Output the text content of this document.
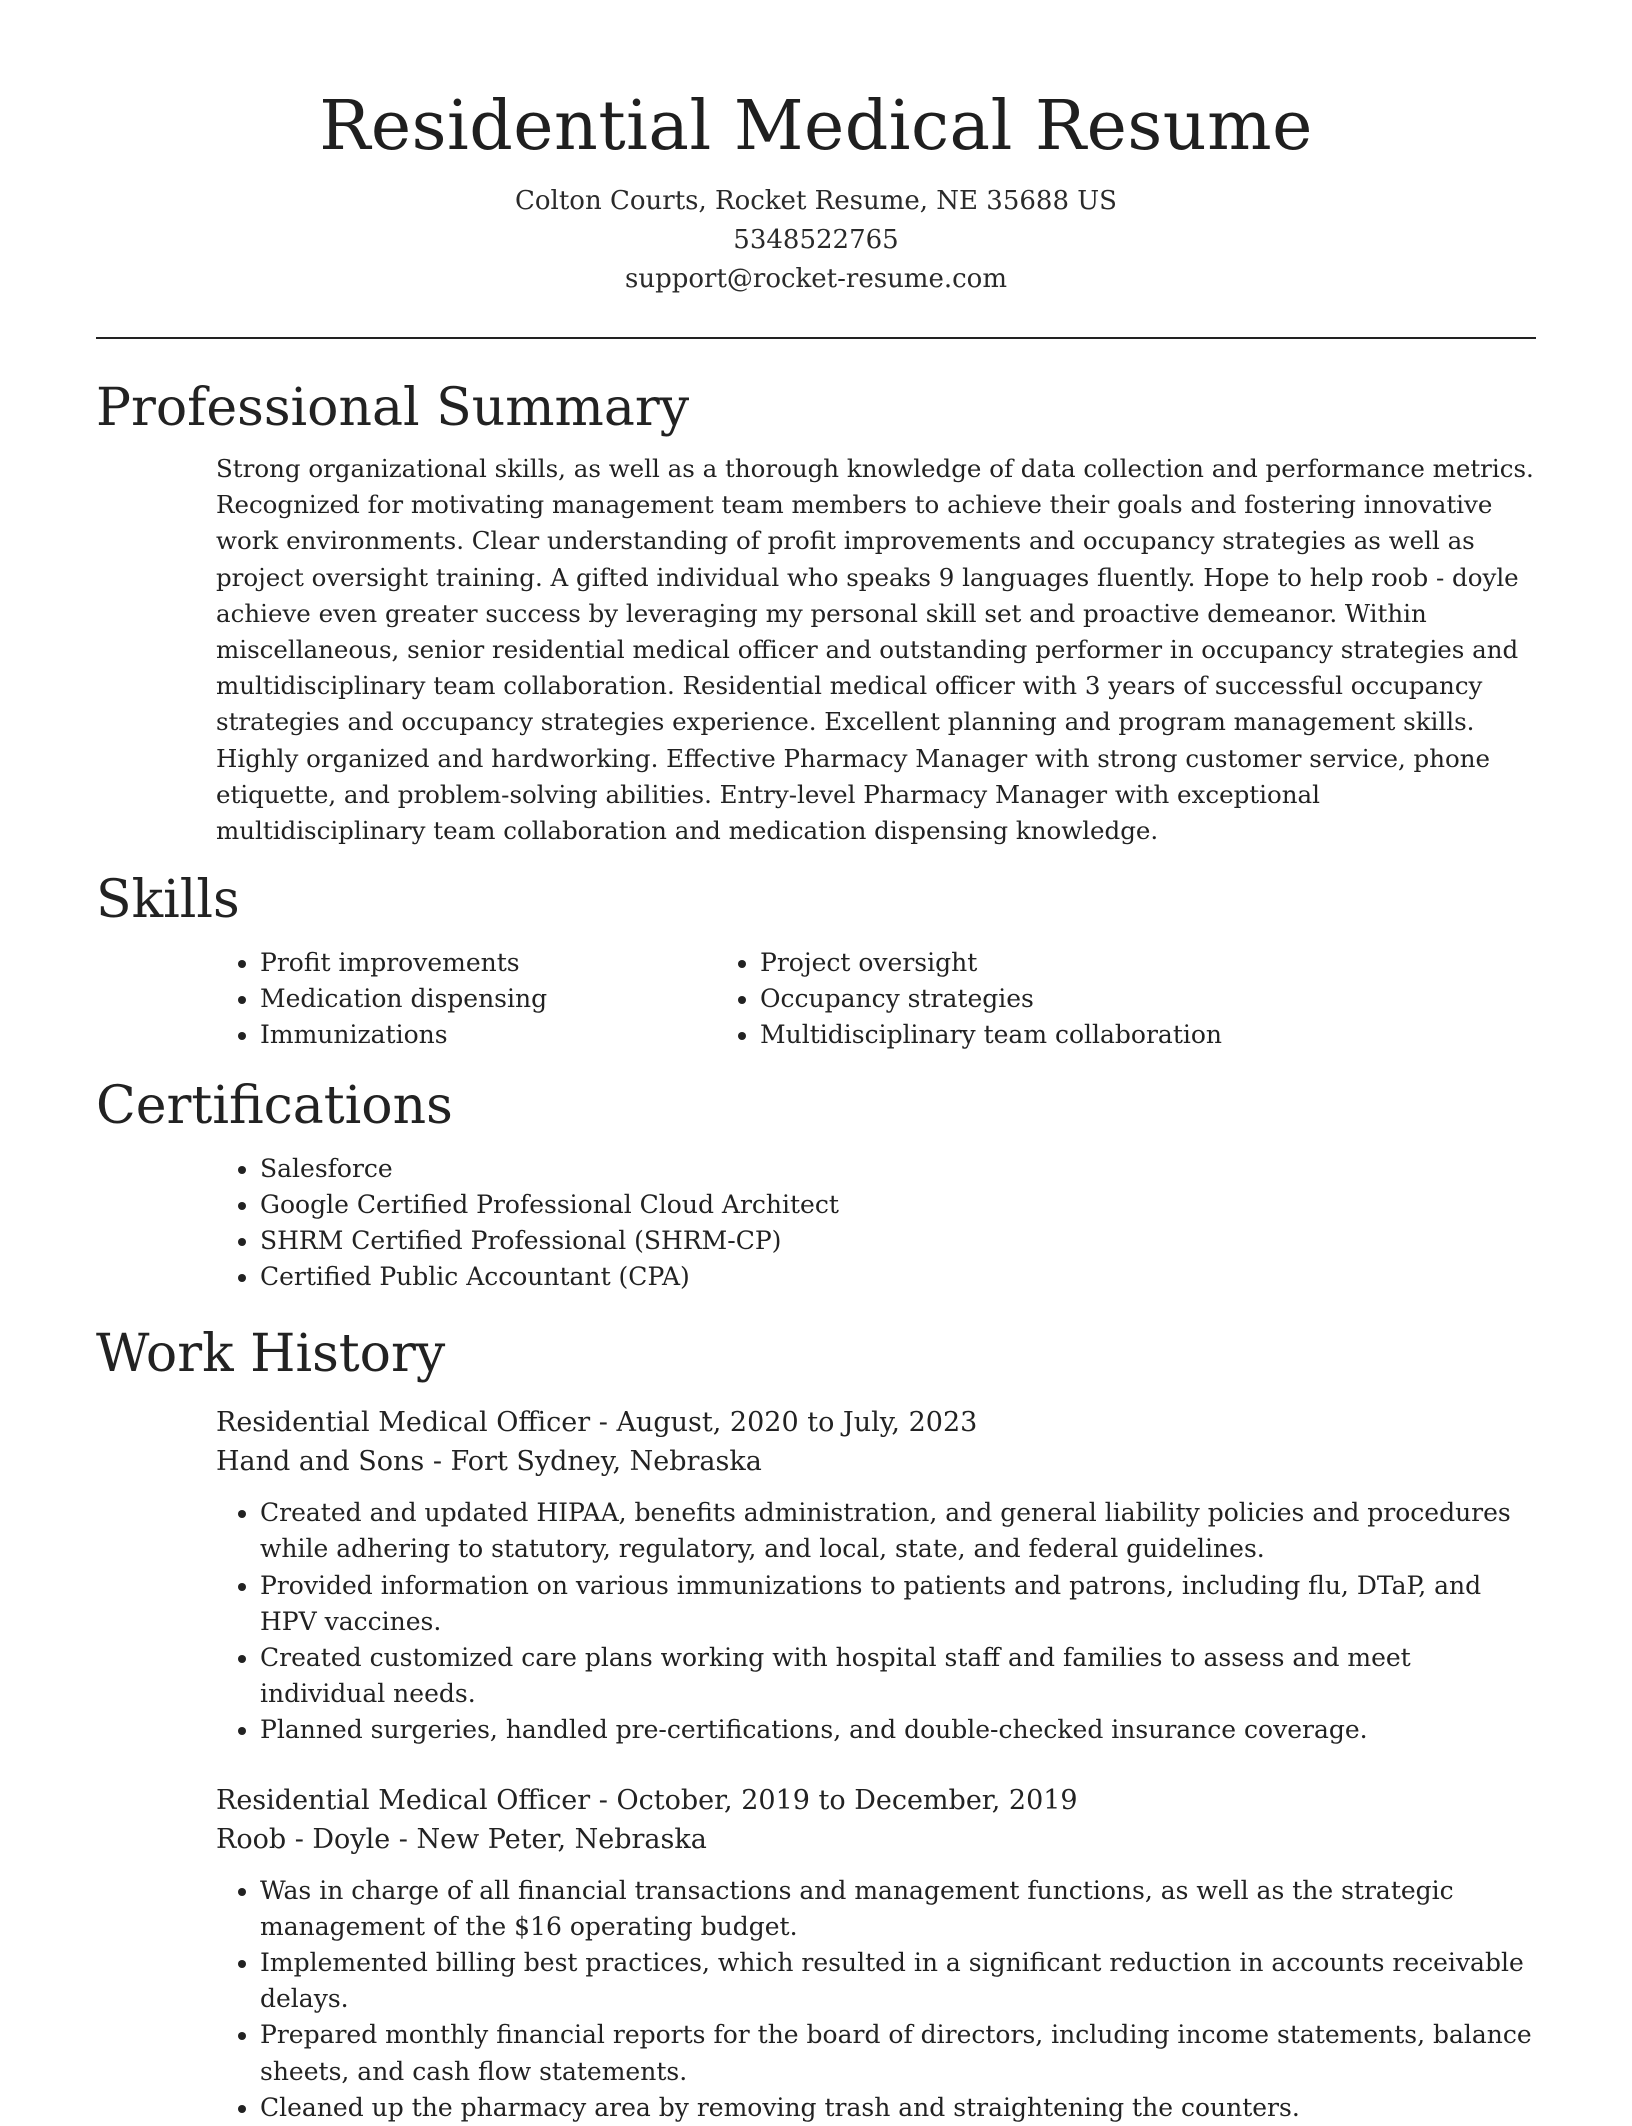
Residential Medical Resume
Colton Courts, Rocket Resume, NE 35688 US
5348522765
support@rocket-resume.com
Professional Summary

Strong organizational skills, as well as a thorough knowledge of data collection and performance metrics. Recognized for motivating management team members to achieve their goals and fostering innovative work environments. Clear understanding of profit improvements and occupancy strategies as well as project oversight training. A gifted individual who speaks 9 languages fluently. Hope to help roob - doyle achieve even greater success by leveraging my personal skill set and proactive demeanor. Within miscellaneous, senior residential medical officer and outstanding performer in occupancy strategies and multidisciplinary team collaboration. Residential medical officer with 3 years of successful occupancy strategies and occupancy strategies experience. Excellent planning and program management skills. Highly organized and hardworking. Effective Pharmacy Manager with strong customer service, phone etiquette, and problem-solving abilities. Entry-level Pharmacy Manager with exceptional multidisciplinary team collaboration and medication dispensing knowledge.

Skills
• Profit improvements
• Medication dispensing
• Immunizations
• Project oversight
• Occupancy strategies
• Multidisciplinary team collaboration
Certifications
• Salesforce
• Google Certified Professional Cloud Architect
• SHRM Certified Professional (SHRM-CP)
• Certified Public Accountant (CPA)
Work History
Residential Medical Officer - August, 2020 to July, 2023
Hand and Sons - Fort Sydney, Nebraska
• Created and updated HIPAA, benefits administration, and general liability policies and procedures while adhering to statutory, regulatory, and local, state, and federal guidelines.
• Provided information on various immunizations to patients and patrons, including flu, DTaP, and HPV vaccines.
• Created customized care plans working with hospital staff and families to assess and meet individual needs.
• Planned surgeries, handled pre-certifications, and double-checked insurance coverage.
Residential Medical Officer - October, 2019 to December, 2019
Roob - Doyle - New Peter, Nebraska
• Was in charge of all financial transactions and management functions, as well as the strategic management of the $16 operating budget.
• Implemented billing best practices, which resulted in a significant reduction in accounts receivable delays.
• Prepared monthly financial reports for the board of directors, including income statements, balance sheets, and cash flow statements.
• Cleaned up the pharmacy area by removing trash and straightening the counters.
